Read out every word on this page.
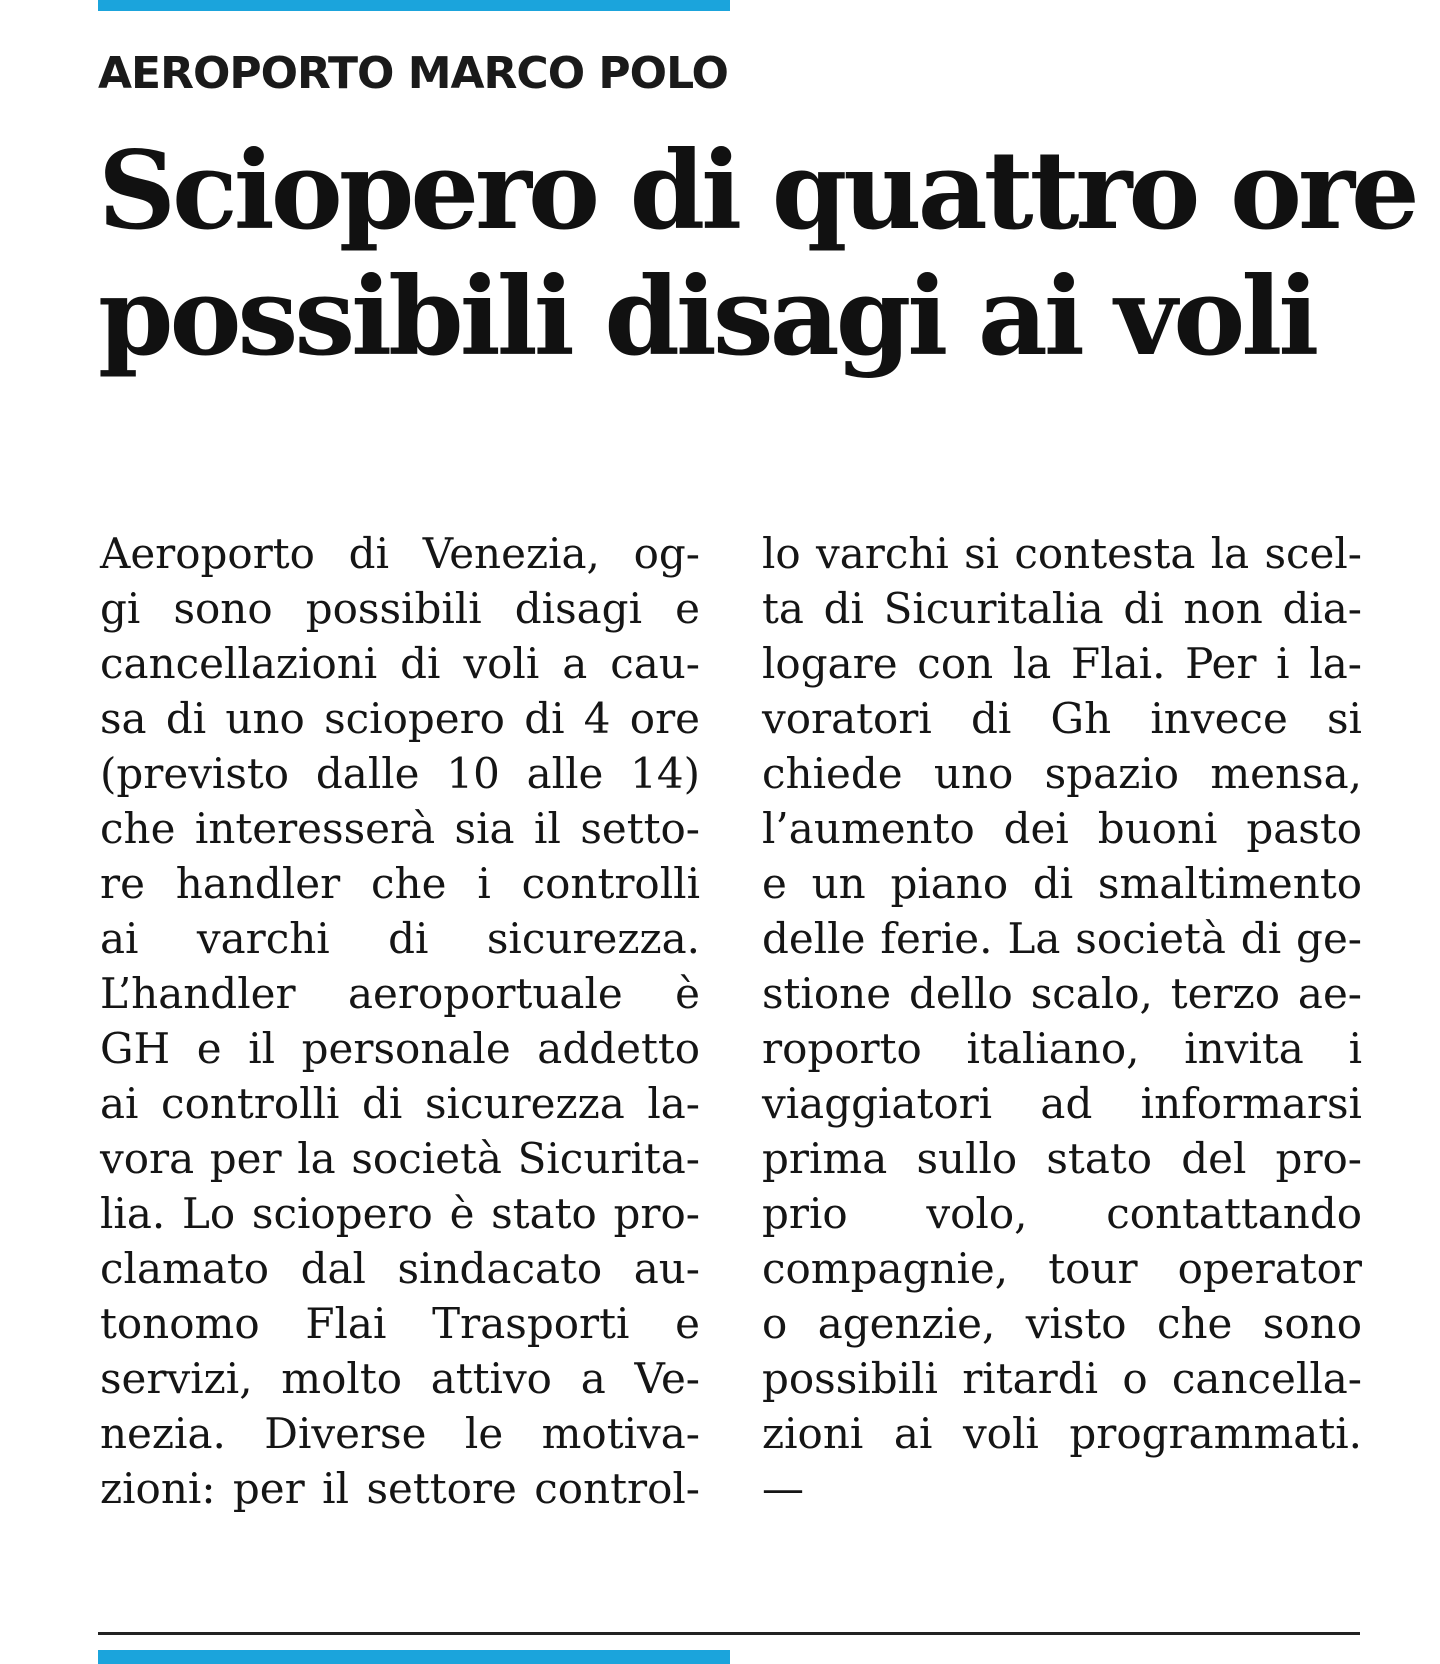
AEROPORTO MARCO POLO
Sciopero di quattro ore
possibili disagi ai voli
Aeroporto di Venezia, og-
gi sono possibili disagi e
cancellazioni di voli a cau-
sa di uno sciopero di 4 ore
(previsto dalle 10 alle 14)
che interesserà sia il setto-
re handler che i controlli
ai varchi di sicurezza.
L’handler aeroportuale è
GH e il personale addetto
ai controlli di sicurezza la-
vora per la società Sicurita-
lia. Lo sciopero è stato pro-
clamato dal sindacato au-
tonomo Flai Trasporti e
servizi, molto attivo a Ve-
nezia. Diverse le motiva-
zioni: per il settore control-
lo varchi si contesta la scel-
ta di Sicuritalia di non dia-
logare con la Flai. Per i la-
voratori di Gh invece si
chiede uno spazio mensa,
l’aumento dei buoni pasto
e un piano di smaltimento
delle ferie. La società di ge-
stione dello scalo, terzo ae-
roporto italiano, invita i
viaggiatori ad informarsi
prima sullo stato del pro-
prio volo, contattando
compagnie, tour operator
o agenzie, visto che sono
possibili ritardi o cancella-
zioni ai voli programmati.
—
